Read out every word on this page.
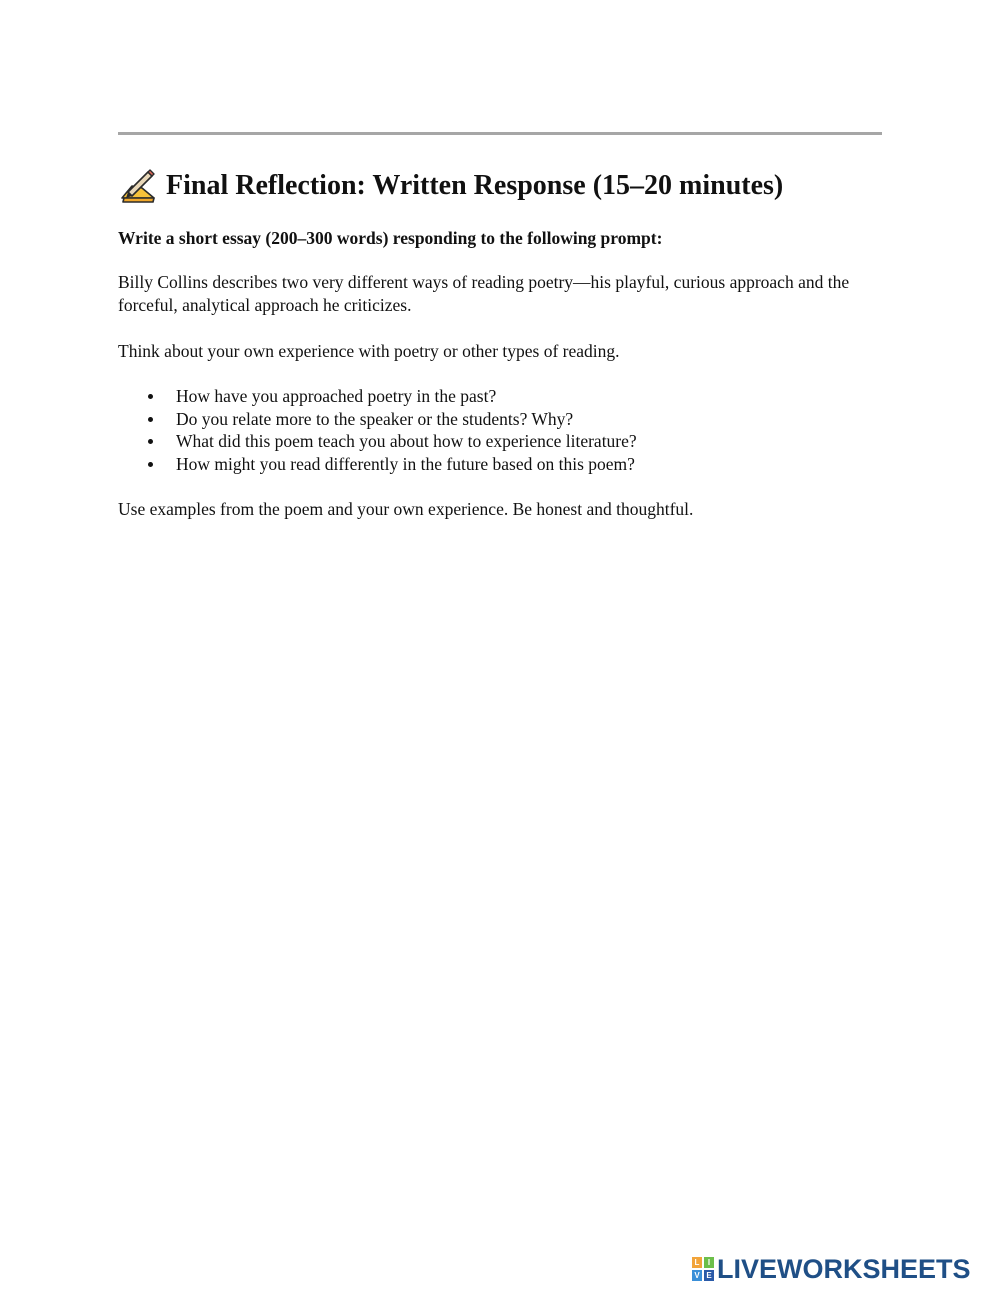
Final Reflection: Written Response (15–20 minutes)
Write a short essay (200–300 words) responding to the following prompt:
Billy Collins describes two very different ways of reading poetry—his playful, curious approach and the forceful, analytical approach he criticizes.
Think about your own experience with poetry or other types of reading.
How have you approached poetry in the past?
Do you relate more to the speaker or the students? Why?
What did this poem teach you about how to experience literature?
How might you read differently in the future based on this poem?
Use examples from the poem and your own experience. Be honest and thoughtful.
L	I
V E LIVEWORKSHEETS
